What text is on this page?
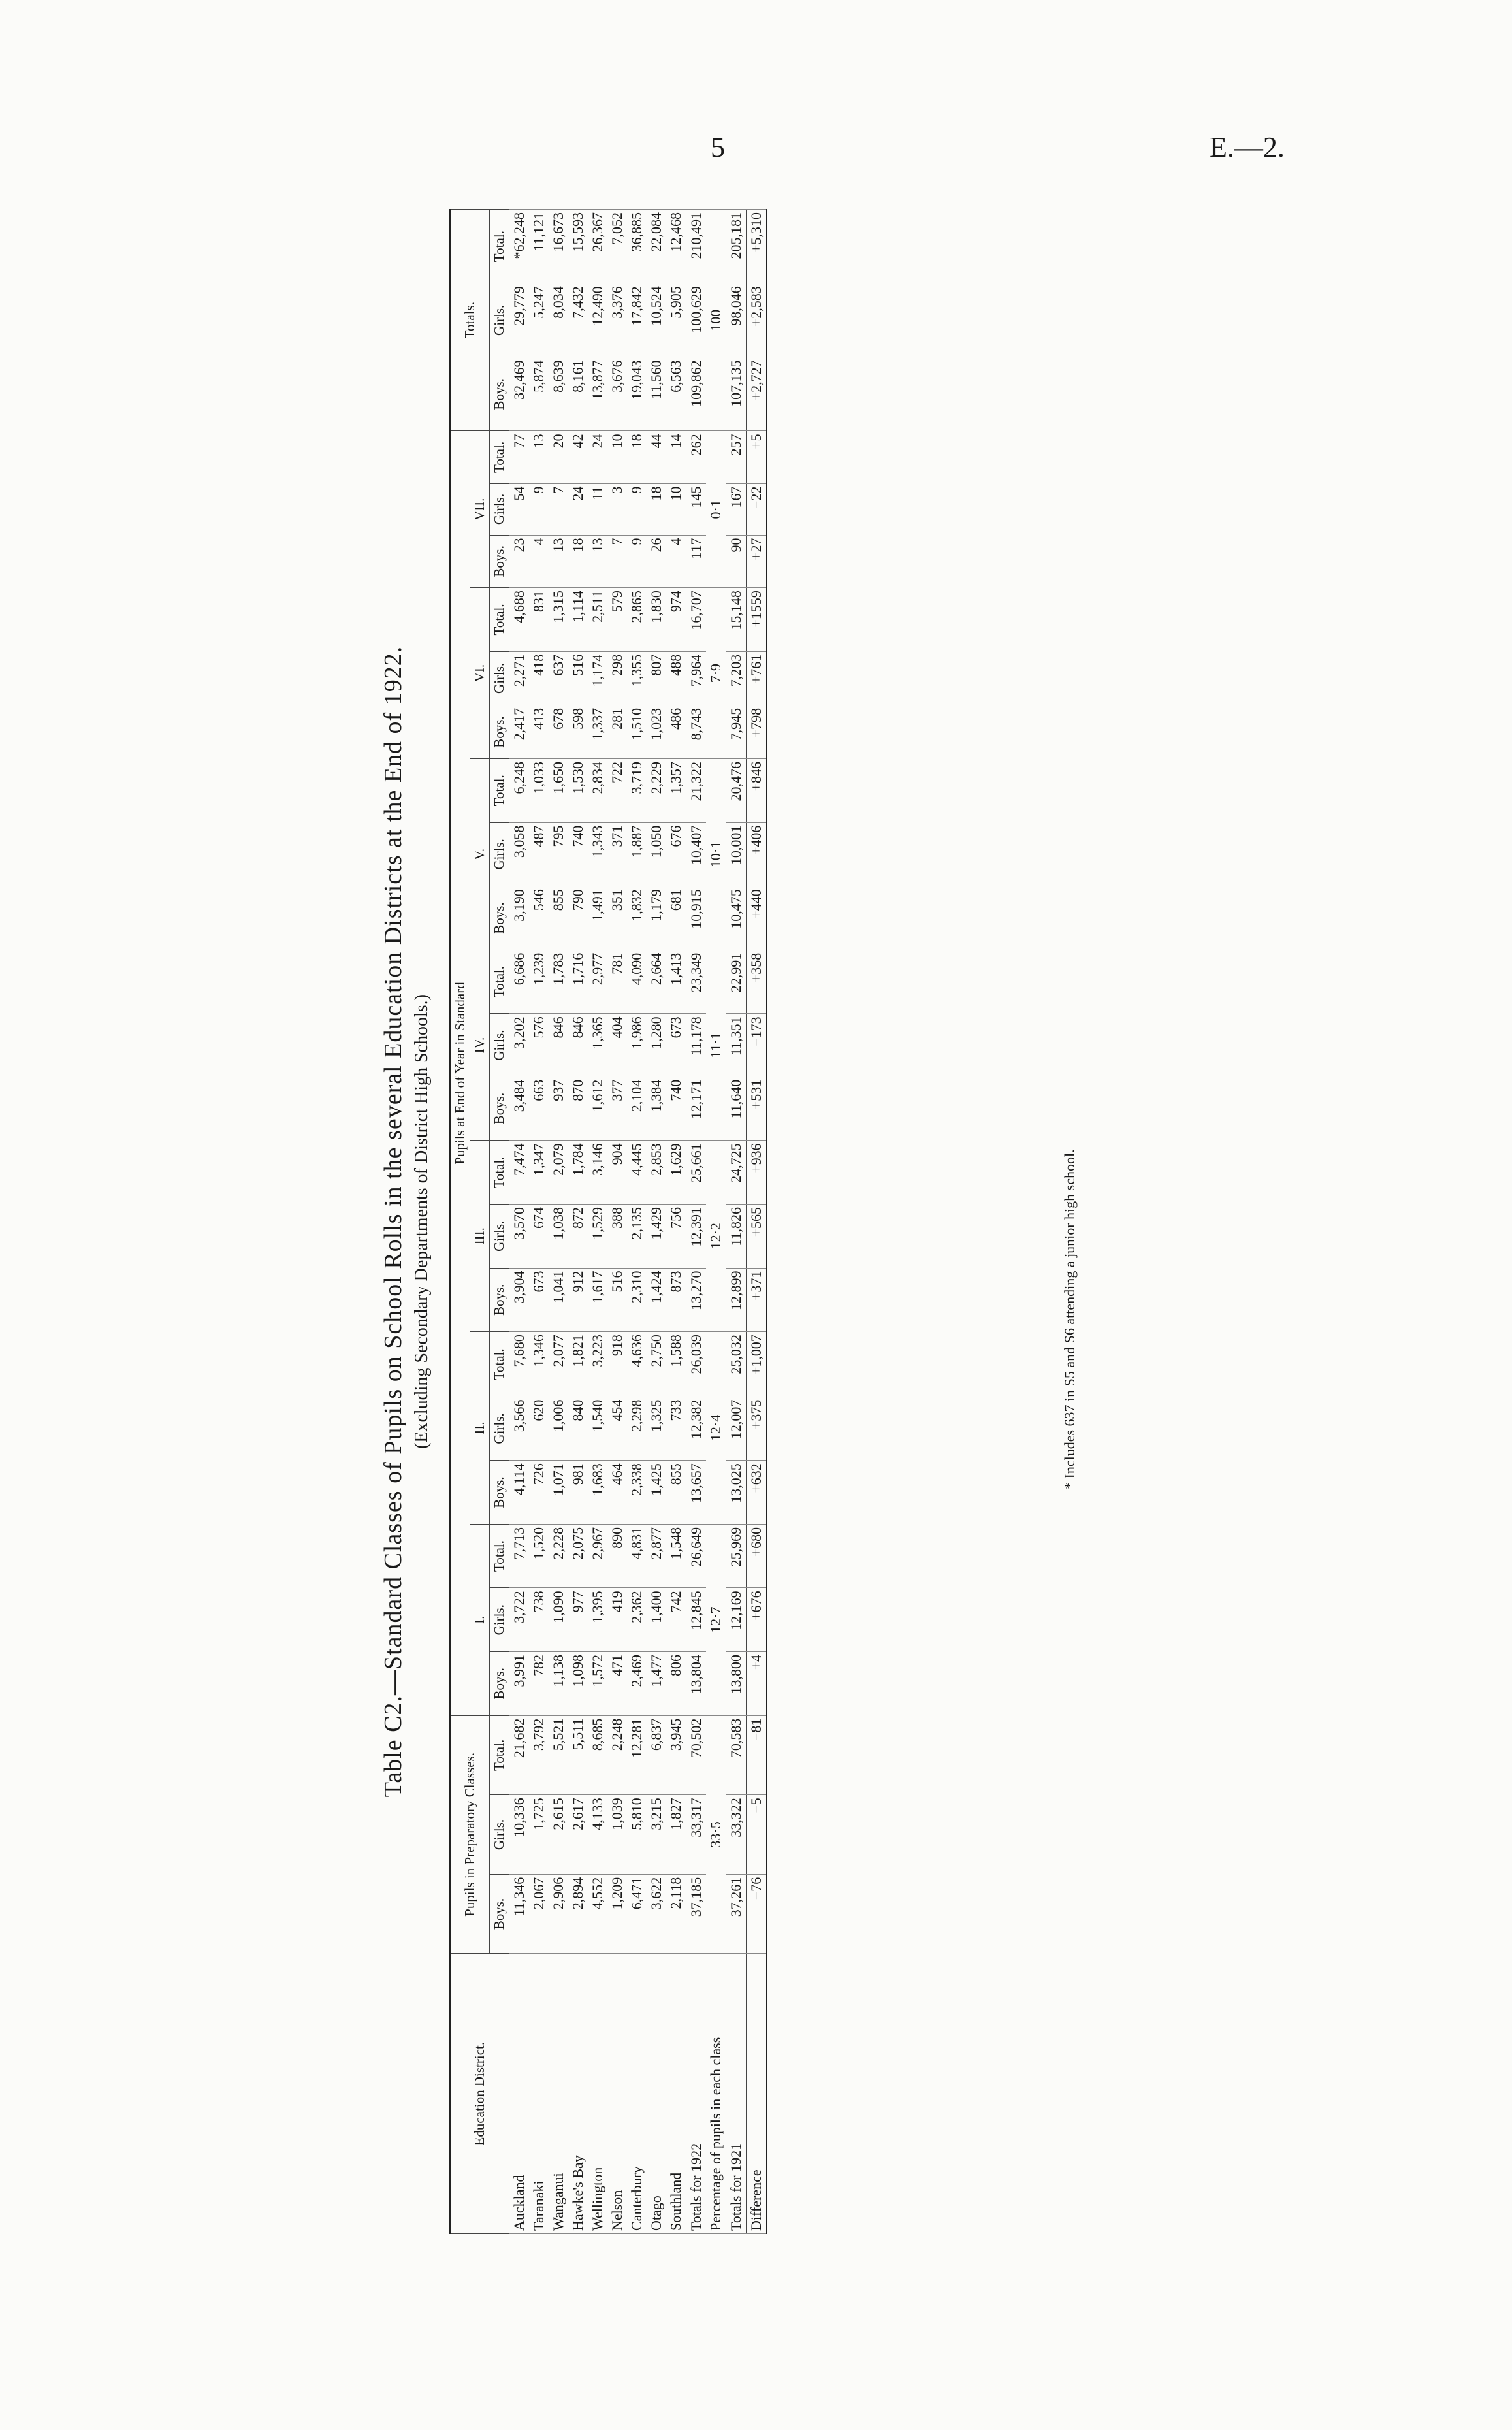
5	E.—2.
Table C2.—Standard Classes of Pupils on School Rolls in the several Education Districts at the End of 1922. (Excluding Secondary Departments of District High Schools.)
Education District.	Pupils in Preparatory Classes.			Pupils at End of Year in Standard																					Totals.		
				I.			II.			III.			IV.			V.			VI.			VII.					
	Boys.	Girls.	Total.	Boys.	Girls.	Total.	Boys.	Girls.	Total.	Boys.	Girls.	Total.	Boys.	Girls.	Total.	Boys.	Girls.	Total.	Boys.	Girls.	Total.	Boys.	Girls.	Total.	Boys.	Girls.	Total.
Auckland	11,346	10,336	21,682	3,991	3,722	7,713	4,114	3,566	7,680	3,904	3,570	7,474	3,484	3,202	6,686	3,190	3,058	6,248	2,417	2,271	4,688	23	54	77	32,469	29,779	*62,248
Taranaki	2,067	1,725	3,792	782	738	1,520	726	620	1,346	673	674	1,347	663	576	1,239	546	487	1,033	413	418	831	4	9	13	5,874	5,247	11,121
Wanganui	2,906	2,615	5,521	1,138	1,090	2,228	1,071	1,006	2,077	1,041	1,038	2,079	937	846	1,783	855	795	1,650	678	637	1,315	13	7	20	8,639	8,034	16,673
Hawke's Bay	2,894	2,617	5,511	1,098	977	2,075	981	840	1,821	912	872	1,784	870	846	1,716	790	740	1,530	598	516	1,114	18	24	42	8,161	7,432	15,593
Wellington	4,552	4,133	8,685	1,572	1,395	2,967	1,683	1,540	3,223	1,617	1,529	3,146	1,612	1,365	2,977	1,491	1,343	2,834	1,337	1,174	2,511	13	11	24	13,877	12,490	26,367
Nelson	1,209	1,039	2,248	471	419	890	464	454	918	516	388	904	377	404	781	351	371	722	281	298	579	7	3	10	3,676	3,376	7,052
Canterbury	6,471	5,810	12,281	2,469	2,362	4,831	2,338	2,298	4,636	2,310	2,135	4,445	2,104	1,986	4,090	1,832	1,887	3,719	1,510	1,355	2,865	9	9	18	19,043	17,842	36,885
Otago	3,622	3,215	6,837	1,477	1,400	2,877	1,425	1,325	2,750	1,424	1,429	2,853	1,384	1,280	2,664	1,179	1,050	2,229	1,023	807	1,830	26	18	44	11,560	10,524	22,084
Southland	2,118	1,827	3,945	806	742	1,548	855	733	1,588	873	756	1,629	740	673	1,413	681	676	1,357	486	488	974	4	10	14	6,563	5,905	12,468
Totals for 1922	37,185	33,317	70,502	13,804	12,845	26,649	13,657	12,382	26,039	13,270	12,391	25,661	12,171	11,178	23,349	10,915	10,407	21,322	8,743	7,964	16,707	117	145	262	109,862	100,629	210,491
Percentage of pupils in each class	33·5			12·7			12·4			12·2			11·1			10·1			7·9			0·1			100		
Totals for 1921	37,261	33,322	70,583	13,800	12,169	25,969	13,025	12,007	25,032	12,899	11,826	24,725	11,640	11,351	22,991	10,475	10,001	20,476	7,945	7,203	15,148	90	167	257	107,135	98,046	205,181
Difference	−76	−5	−81	+4	+676	+680	+632	+375	+1,007	+371	+565	+936	+531	−173	+358	+440	+406	+846	+798	+761	+1559	+27	−22	+5	+2,727	+2,583	+5,310
* Includes 637 in S5 and S6 attending a junior high school.
